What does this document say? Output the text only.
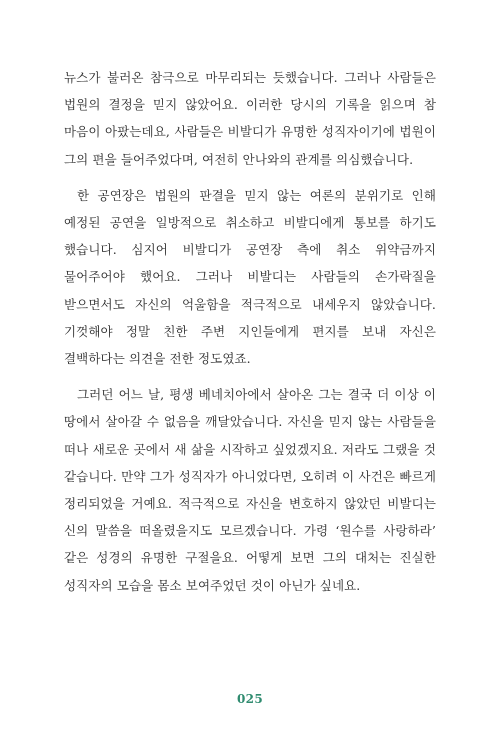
뉴스가 불러온 참극으로 마무리되는 듯했습니다. 그러나 사람들은 법원의 결정을 믿지 않았어요. 이러한 당시의 기록을 읽으며 참 마음이 아팠는데요, 사람들은 비발디가 유명한 성직자이기에 법원이 그의 편을 들어주었다며, 여전히 안나와의 관계를 의심했습니다.

한 공연장은 법원의 판결을 믿지 않는 여론의 분위기로 인해 예정된 공연을 일방적으로 취소하고 비발디에게 통보를 하기도 했습니다. 심지어 비발디가 공연장 측에 취소 위약금까지 물어주어야 했어요. 그러나 비발디는 사람들의 손가락질을 받으면서도 자신의 억울함을 적극적으로 내세우지 않았습니다. 기껏해야 정말 친한 주변 지인들에게 편지를 보내 자신은 결백하다는 의견을 전한 정도였죠.

그러던 어느 날, 평생 베네치아에서 살아온 그는 결국 더 이상 이 땅에서 살아갈 수 없음을 깨달았습니다. 자신을 믿지 않는 사람들을 떠나 새로운 곳에서 새 삶을 시작하고 싶었겠지요. 저라도 그랬을 것 같습니다. 만약 그가 성직자가 아니었다면, 오히려 이 사건은 빠르게 정리되었을 거예요. 적극적으로 자신을 변호하지 않았던 비발디는 신의 말씀을 떠올렸을지도 모르겠습니다. 가령 ‘원수를 사랑하라’ 같은 성경의 유명한 구절을요. 어떻게 보면 그의 대처는 진실한 성직자의 모습을 몸소 보여주었던 것이 아닌가 싶네요.

025
